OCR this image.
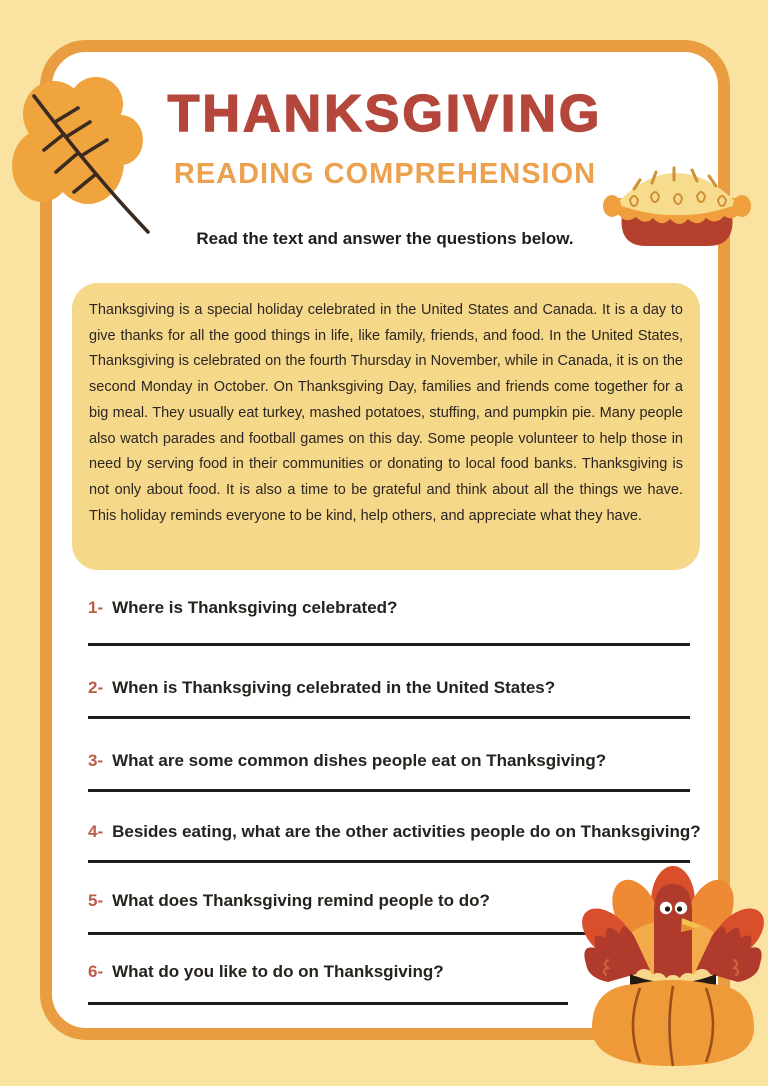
THANKSGIVING
READING COMPREHENSION
Read the text and answer the questions below.
Thanksgiving is a special holiday celebrated in the United States and Canada. It is a day to give thanks for all the good things in life, like family, friends, and food. In the United States, Thanksgiving is celebrated on the fourth Thursday in November, while in Canada, it is on the second Monday in October. On Thanksgiving Day, families and friends come together for a big meal. They usually eat turkey, mashed potatoes, stuffing, and pumpkin pie. Many people also watch parades and football games on this day. Some people volunteer to help those in need by serving food in their communities or donating to local food banks. Thanksgiving is not only about food. It is also a time to be grateful and think about all the things we have. This holiday reminds everyone to be kind, help others, and appreciate what they have.
1- Where is Thanksgiving celebrated?
2- When is Thanksgiving celebrated in the United States?
3- What are some common dishes people eat on Thanksgiving?
4- Besides eating, what are the other activities people do on Thanksgiving?
5- What does Thanksgiving remind people to do?
6- What do you like to do on Thanksgiving?
